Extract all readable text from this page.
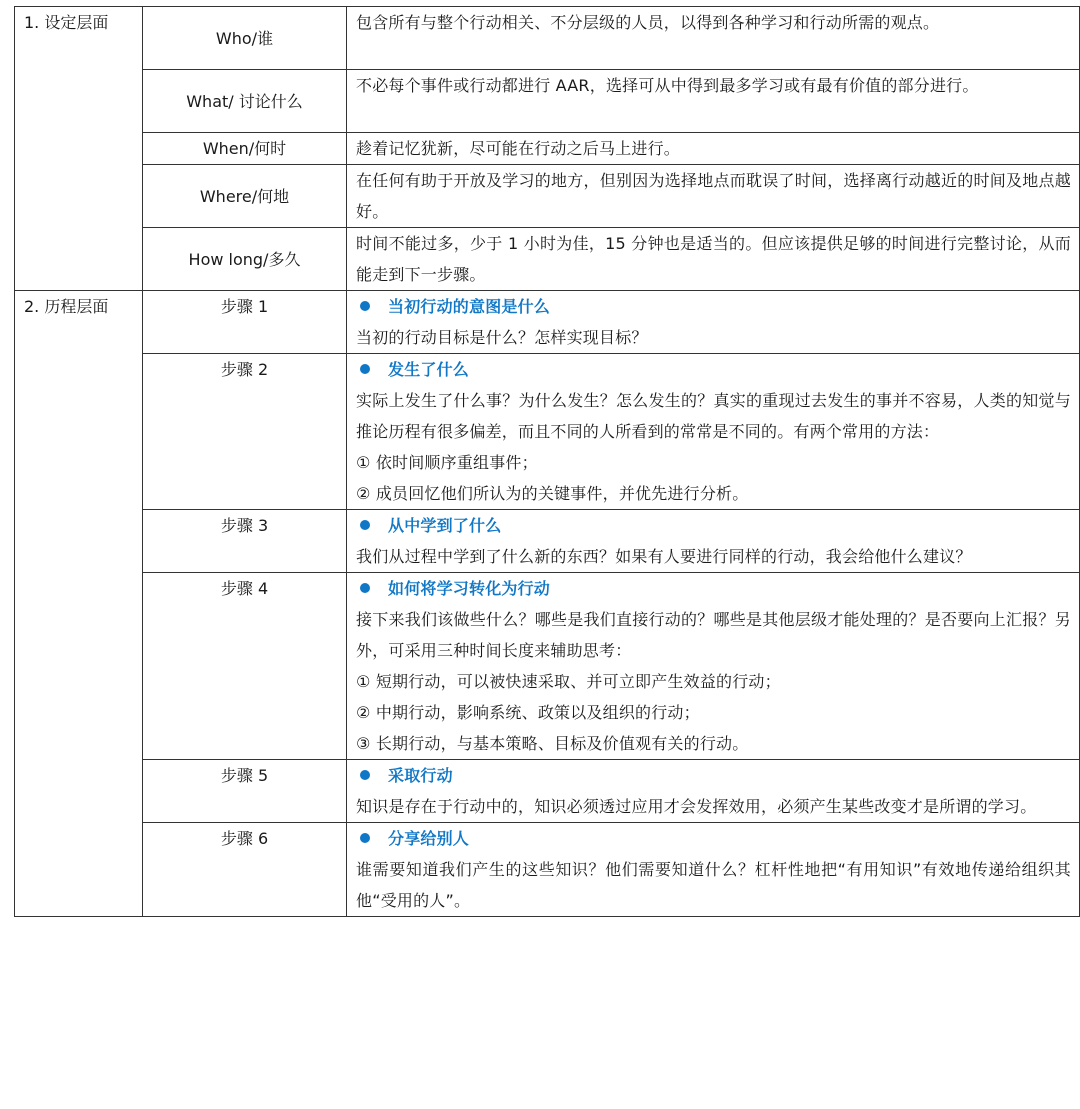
1. 设定层面	Who/谁	包含所有与整个行动相关、不分层级的人员，以得到各种学习和行动所需的观点。
	What/ 讨论什么	不必每个事件或行动都进行 AAR，选择可从中得到最多学习或有最有价值的部分进行。
	When/何时	趁着记忆犹新，尽可能在行动之后马上进行。
	Where/何地	在任何有助于开放及学习的地方，但别因为选择地点而耽误了时间，选择离行动越近的时间及地点越好。
	How long/多久	时间不能过多，少于 1 小时为佳，15 分钟也是适当的。但应该提供足够的时间进行完整讨论，从而能走到下一步骤。
2. 历程层面	步骤 1	当初行动的意图是什么
当初的行动目标是什么？怎样实现目标？

	步骤 2	发生了什么
实际上发生了什么事？为什么发生？怎么发生的？真实的重现过去发生的事并不容易，人类的知觉与推论历程有很多偏差，而且不同的人所看到的常常是不同的。有两个常用的方法：
① 依时间顺序重组事件；
② 成员回忆他们所认为的关键事件，并优先进行分析。

	步骤 3	从中学到了什么
我们从过程中学到了什么新的东西？如果有人要进行同样的行动，我会给他什么建议？

	步骤 4	如何将学习转化为行动
接下来我们该做些什么？哪些是我们直接行动的？哪些是其他层级才能处理的？是否要向上汇报？另外，可采用三种时间长度来辅助思考：
① 短期行动，可以被快速采取、并可立即产生效益的行动；
② 中期行动，影响系统、政策以及组织的行动；
③ 长期行动，与基本策略、目标及价值观有关的行动。

	步骤 5	采取行动
知识是存在于行动中的，知识必须透过应用才会发挥效用，必须产生某些改变才是所谓的学习。

	步骤 6	分享给别人
谁需要知道我们产生的这些知识？他们需要知道什么？杠杆性地把“有用知识”有效地传递给组织其他“受用的人”。
